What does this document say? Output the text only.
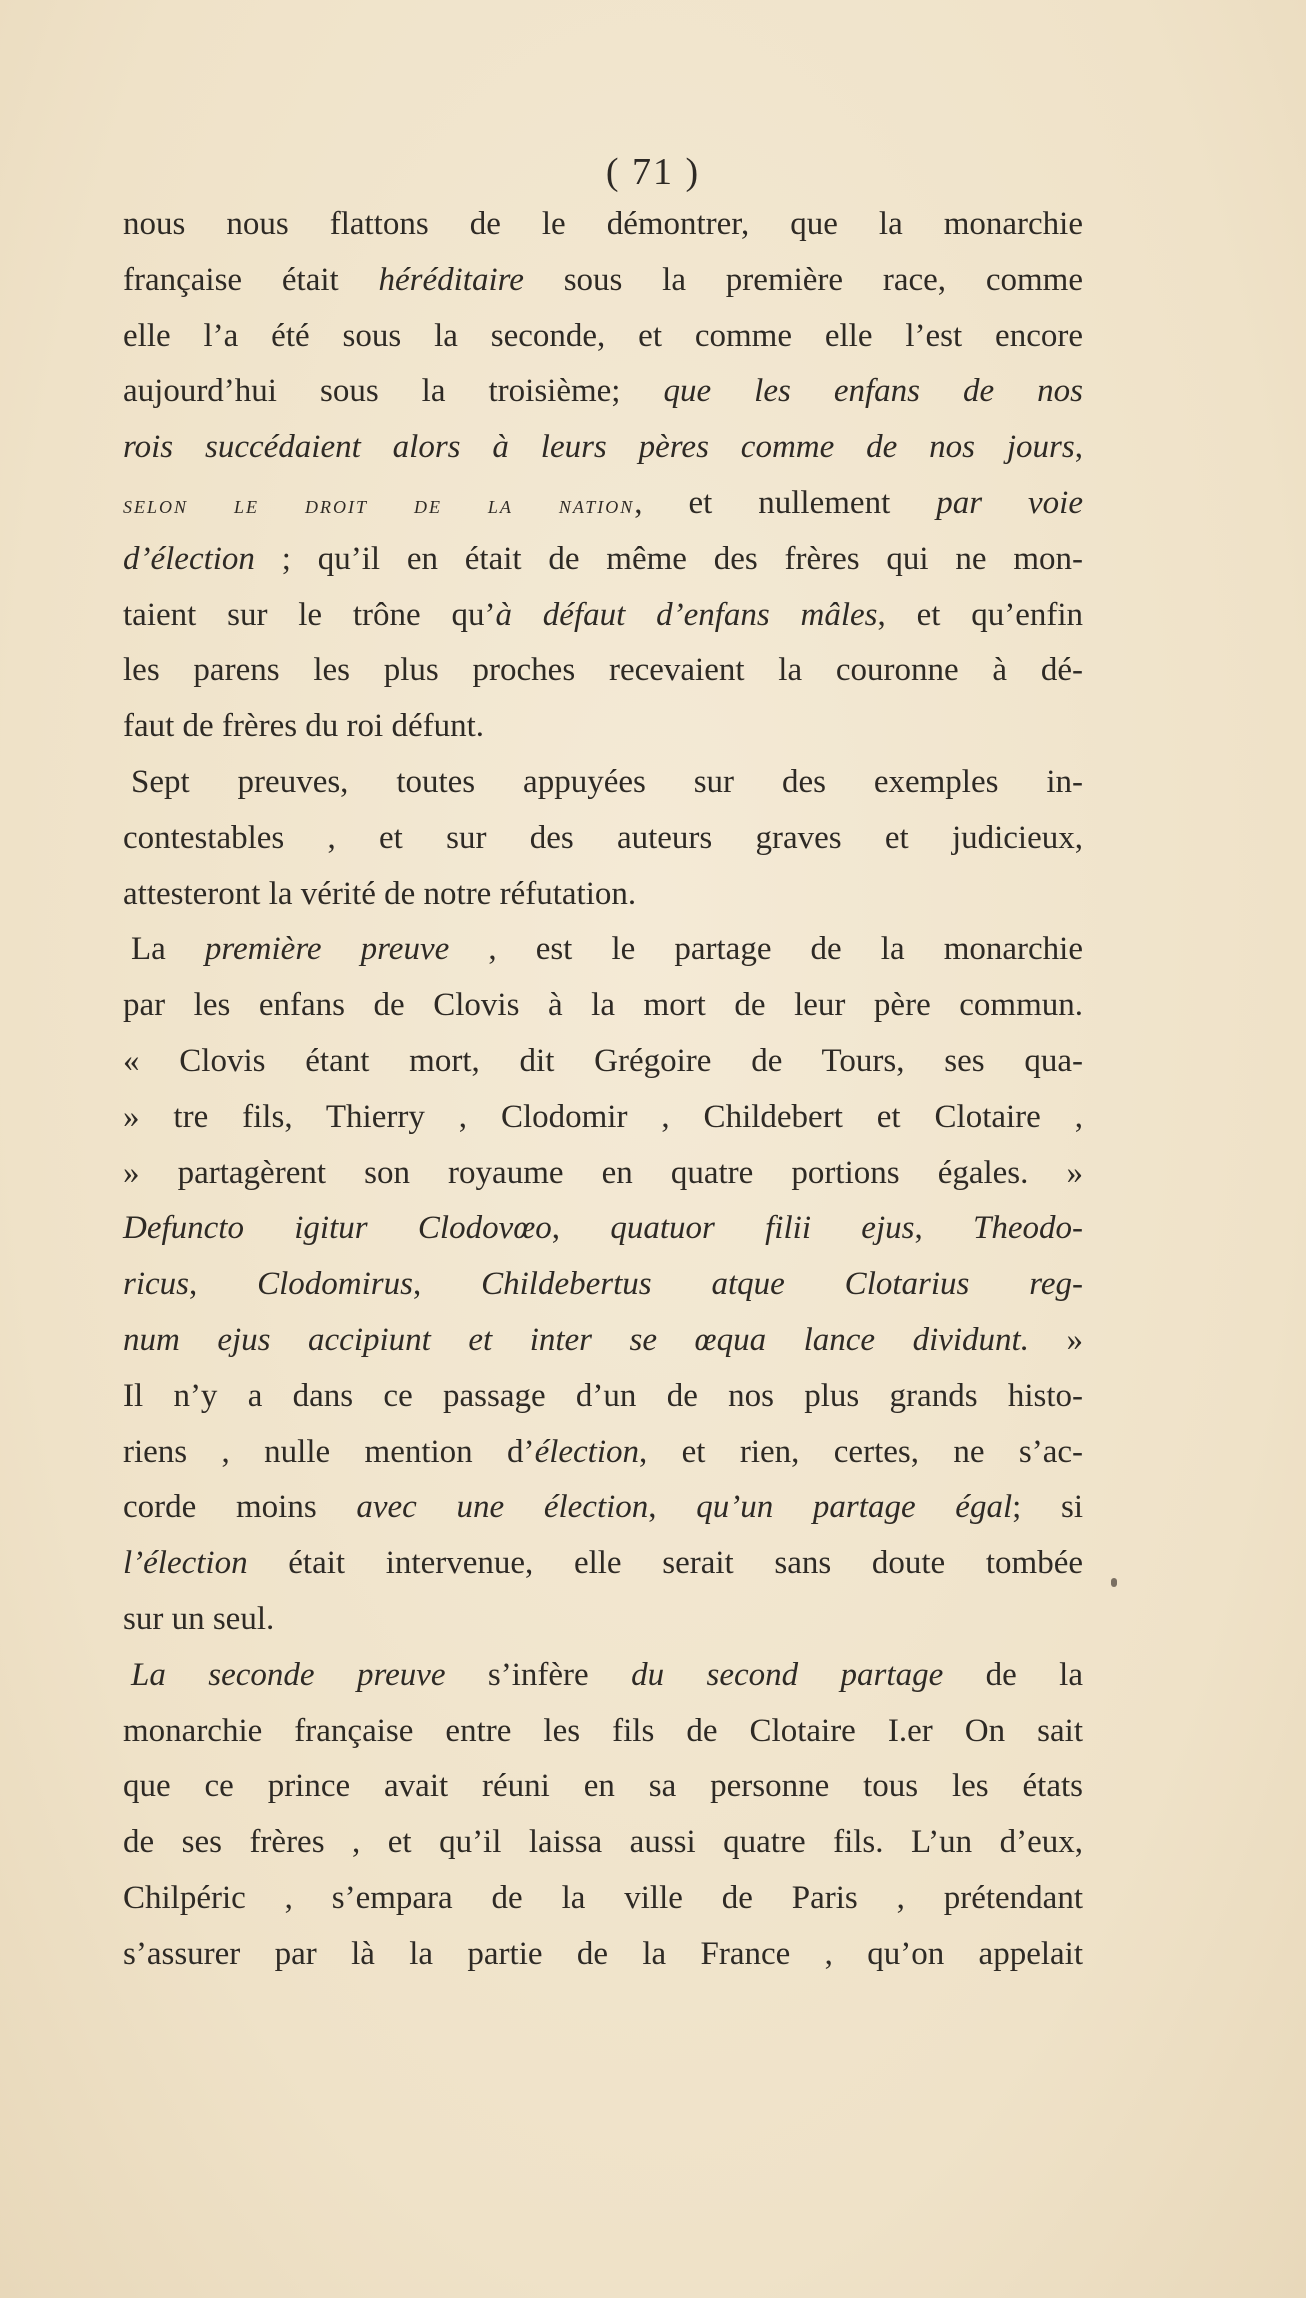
( 71 )
nous nous flattons de le démontrer, que la monarchie
française était héréditaire sous la première race, comme
elle l’a été sous la seconde, et comme elle l’est encore
aujourd’hui sous la troisième; que les enfans de nos
rois succédaient alors à leurs pères comme de nos jours,
selon le droit de la nation, et nullement par voie
d’élection ; qu’il en était de même des frères qui ne mon-
taient sur le trône qu’à défaut d’enfans mâles, et qu’enfin
les parens les plus proches recevaient la couronne à dé-
faut de frères du roi défunt.
Sept preuves, toutes appuyées sur des exemples in-
contestables , et sur des auteurs graves et judicieux,
attesteront la vérité de notre réfutation.
La première preuve , est le partage de la monarchie
par les enfans de Clovis à la mort de leur père commun.
« Clovis étant mort, dit Grégoire de Tours, ses qua-
» tre fils, Thierry , Clodomir , Childebert et Clotaire ,
» partagèrent son royaume en quatre portions égales. »
Defuncto igitur Clodovœo, quatuor filii ejus, Theodo-
ricus, Clodomirus, Childebertus atque Clotarius reg-
num ejus accipiunt et inter se œqua lance dividunt. »
Il n’y a dans ce passage d’un de nos plus grands histo-
riens , nulle mention d’élection, et rien, certes, ne s’ac-
corde moins avec une élection, qu’un partage égal; si
l’élection était intervenue, elle serait sans doute tombée
sur un seul.
La seconde preuve s’infère du second partage de la
monarchie française entre les fils de Clotaire I.er On sait
que ce prince avait réuni en sa personne tous les états
de ses frères , et qu’il laissa aussi quatre fils. L’un d’eux,
Chilpéric , s’empara de la ville de Paris , prétendant
s’assurer par là la partie de la France , qu’on appelait
